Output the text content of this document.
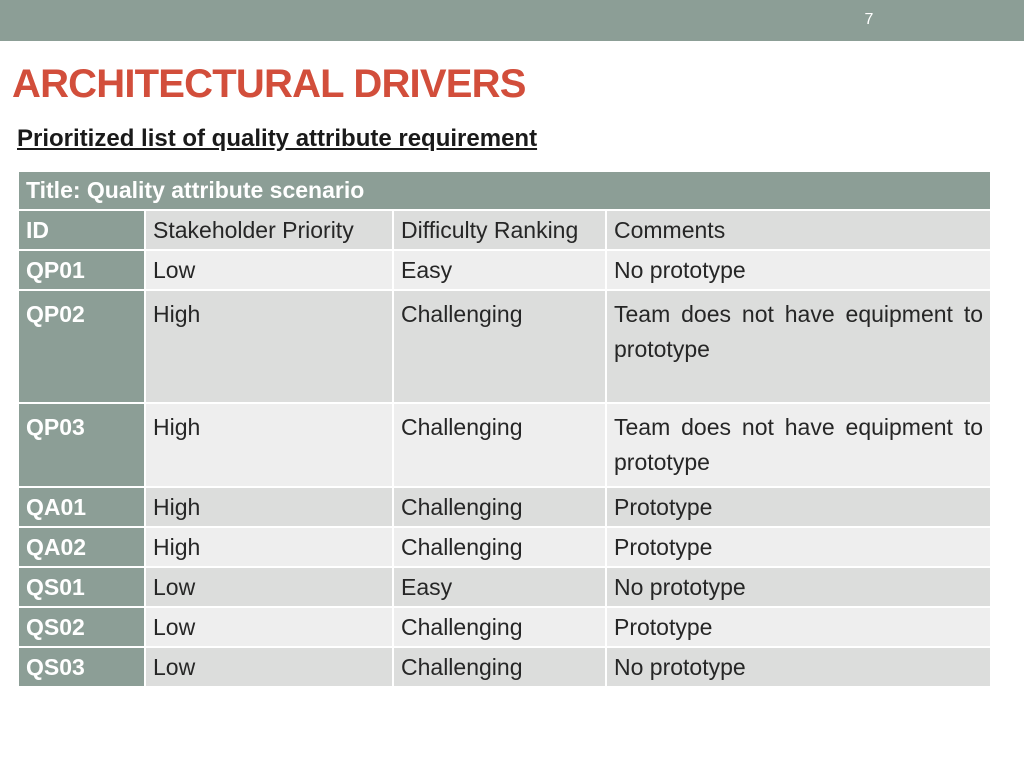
7
ARCHITECTURAL DRIVERS
Prioritized list of quality attribute requirement
Title: Quality attribute scenario			
ID	Stakeholder Priority	Difficulty Ranking	Comments
QP01	Low	Easy	No prototype
QP02	High	Challenging	Team does not have equipment to prototype
QP03	High	Challenging	Team does not have equipment to prototype
QA01	High	Challenging	Prototype
QA02	High	Challenging	Prototype
QS01	Low	Easy	No prototype
QS02	Low	Challenging	Prototype
QS03	Low	Challenging	No prototype
